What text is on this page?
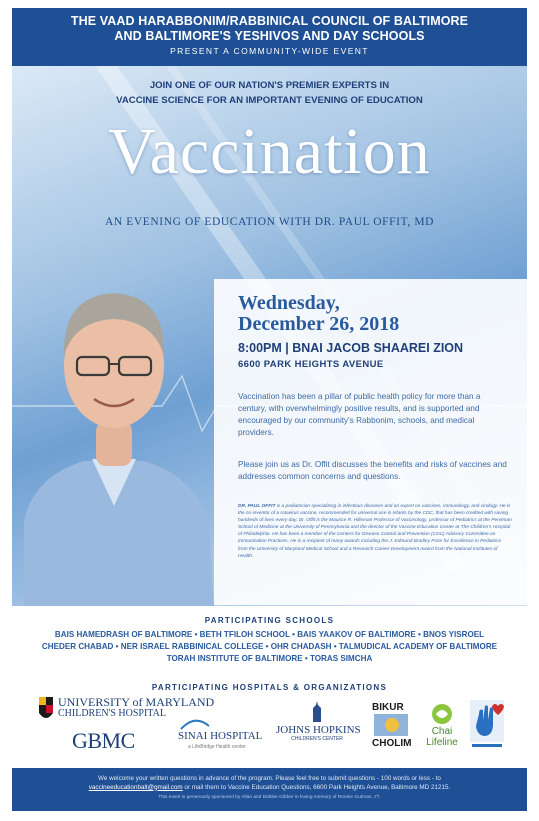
THE VAAD HARABBONIM/RABBINICAL COUNCIL OF BALTIMORE
AND BALTIMORE'S YESHIVOS AND DAY SCHOOLS
PRESENT A COMMUNITY-WIDE EVENT
JOIN ONE OF OUR NATION'S PREMIER EXPERTS IN
VACCINE SCIENCE FOR AN IMPORTANT EVENING OF EDUCATION
Vaccination
AN EVENING OF EDUCATION WITH DR. PAUL OFFIT, MD
Wednesday,
December 26, 2018
8:00PM | BNAI JACOB SHAAREI ZION
6600 PARK HEIGHTS AVENUE
Vaccination has been a pillar of public health policy for more than a century, with overwhelmingly positive results, and is supported and encouraged by our community's Rabbonim, schools, and medical providers.
Please join us as Dr. Offit discusses the benefits and risks of vaccines and addresses common concerns and questions.
DR. PAUL OFFIT is a pediatrician specializing in infectious diseases and an expert on vaccines, immunology, and virology. He is the co-inventor of a rotavirus vaccine, recommended for universal use in infants by the CDC, that has been credited with saving hundreds of lives every day. Dr. Offit is the Maurice R. Hilleman Professor of Vaccinology, professor of Pediatrics at the Perelman School of Medicine at the University of Pennsylvania and the director of the Vaccine Education Center at The Children's Hospital of Philadelphia. He has been a member of the Centers for Disease Control and Prevention (CDC) Advisory Committee on Immunization Practices. He is a recipient of many awards including the J. Edmund Bradley Prize for Excellence in Pediatrics from the University of Maryland Medical School and a Research Career Development Award from the National Institutes of Health.
PARTICIPATING SCHOOLS
BAIS HAMEDRASH OF BALTIMORE • BETH TFILOH SCHOOL • BAIS YAAKOV OF BALTIMORE • BNOS YISROEL
CHEDER CHABAD • NER ISRAEL RABBINICAL COLLEGE • OHR CHADASH • TALMUDICAL ACADEMY OF BALTIMORE
TORAH INSTITUTE OF BALTIMORE • TORAS SIMCHA
PARTICIPATING HOSPITALS & ORGANIZATIONS
UNIVERSITY of MARYLAND
CHILDREN'S HOSPITAL
GBMC	SINAI HOSPITAL
a LifeBridge Health center
JOHNS HOPKINS
CHILDREN'S CENTER
BIKUR
CHOLIM
Chai
Lifeline
We welcome your written questions in advance of the program. Please feel free to submit questions - 100 words or less - to
vaccineeducationbalt@gmail.com or mail them to Vaccine Education Questions, 6600 Park Heights Avenue, Baltimore MD 21215.
This event is generously sponsored by Allan and Debbie Gibber in loving memory of Ronnie Gutman, z"l.
